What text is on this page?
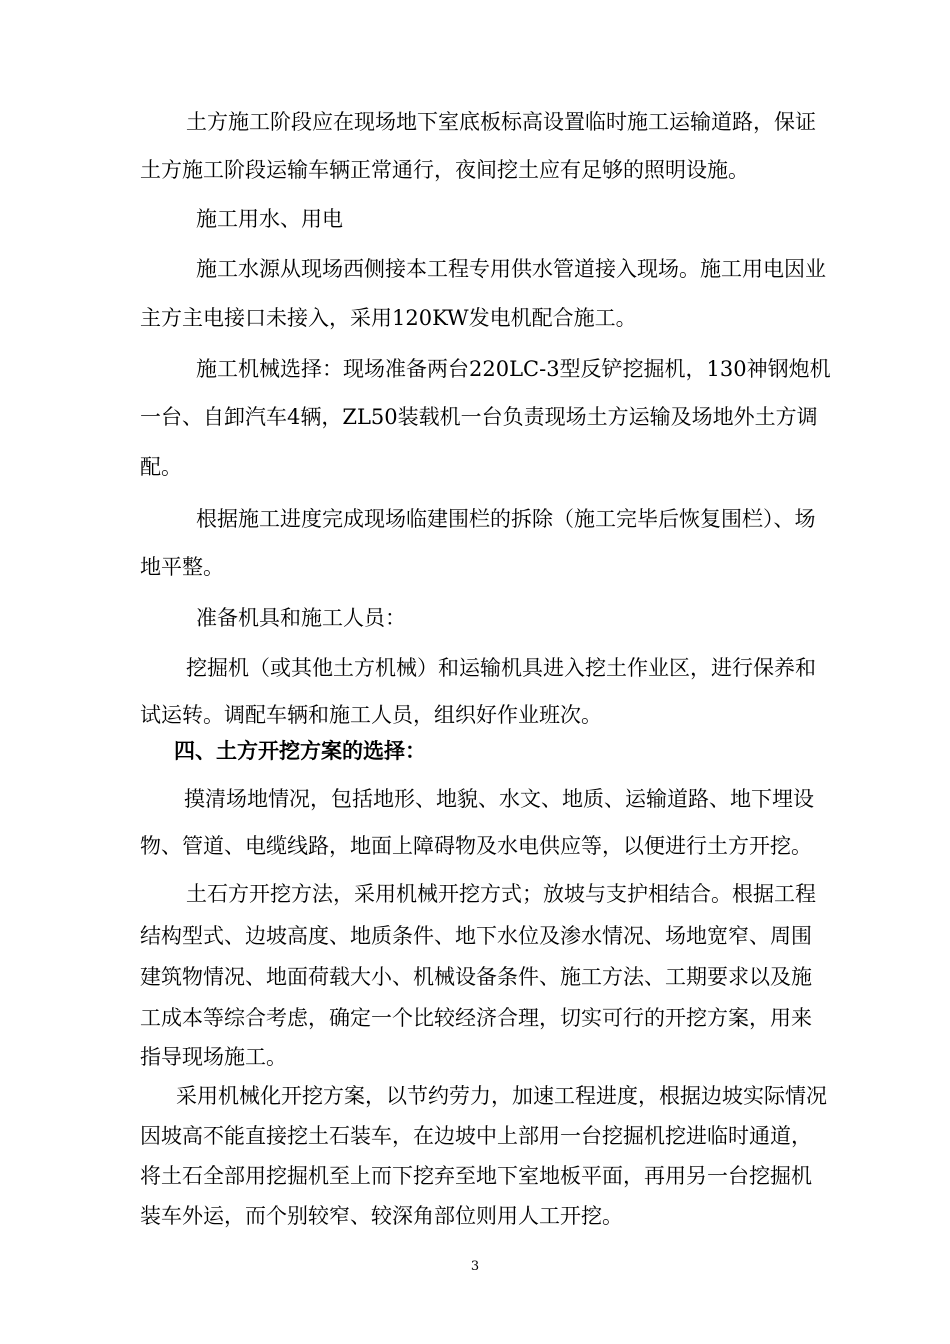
土方施工阶段应在现场地下室底板标高设置临时施工运输道路，保证
土方施工阶段运输车辆正常通行，夜间挖土应有足够的照明设施。
施工用水、用电
施工水源从现场西侧接本工程专用供水管道接入现场。施工用电因业
主方主电接口未接入，采用120KW发电机配合施工。
施工机械选择：现场准备两台220LC-3型反铲挖掘机，130神钢炮机
一台、自卸汽车4辆，ZL50装载机一台负责现场土方运输及场地外土方调
配。
根据施工进度完成现场临建围栏的拆除（施工完毕后恢复围栏）、场
地平整。
准备机具和施工人员：
挖掘机（或其他土方机械）和运输机具进入挖土作业区，进行保养和
试运转。调配车辆和施工人员，组织好作业班次。
四、土方开挖方案的选择：
摸清场地情况，包括地形、地貌、水文、地质、运输道路、地下埋设
物、管道、电缆线路，地面上障碍物及水电供应等，以便进行土方开挖。
土石方开挖方法，采用机械开挖方式；放坡与支护相结合。根据工程
结构型式、边坡高度、地质条件、地下水位及渗水情况、场地宽窄、周围
建筑物情况、地面荷载大小、机械设备条件、施工方法、工期要求以及施
工成本等综合考虑，确定一个比较经济合理，切实可行的开挖方案，用来
指导现场施工。
采用机械化开挖方案，以节约劳力，加速工程进度，根据边坡实际情况
因坡高不能直接挖土石装车，在边坡中上部用一台挖掘机挖进临时通道，
将土石全部用挖掘机至上而下挖弃至地下室地板平面，再用另一台挖掘机
装车外运，而个别较窄、较深角部位则用人工开挖。
3
